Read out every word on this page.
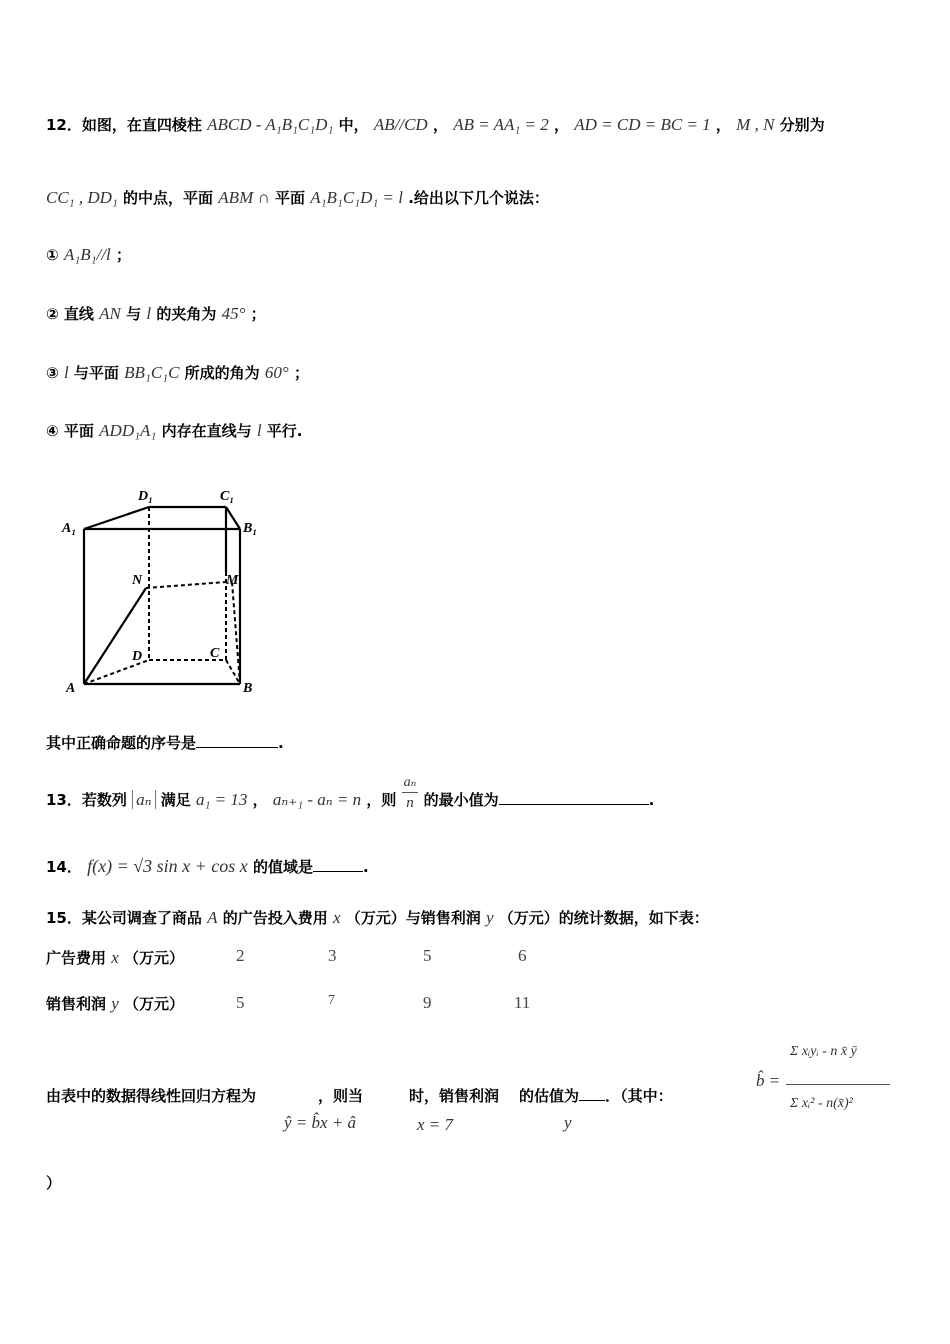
12．如图，在直四棱柱 ABCD - A₁B₁C₁D₁ 中， AB//CD ， AB = AA₁ = 2 ， AD = CD = BC = 1 ， M , N 分别为
CC₁ , DD₁ 的中点，平面 ABM ∩ 平面 A₁B₁C₁D₁ = l .给出以下几个说法：
① A₁B₁//l ；
② 直线 AN 与 l 的夹角为 45° ；
③ l 与平面 BB₁C₁C 所成的角为 60° ；
④ 平面 ADD₁A₁ 内存在直线与 l 平行.
A₁
D₁	C₁
B₁
N	M
D	C
A	B
其中正确命题的序号是	.
13．若数列 aₙ 满足 a₁ = 13 ， aₙ₊₁ - aₙ = n ，则 $\frac{\text{aₙ}}{n}$ 的最小值为	.
14． f(x) = √3 sin x + cos x 的值域是	.
15．某公司调查了商品 A 的广告投入费用 x （万元）与销售利润 y （万元）的统计数据，如下表：
广告费用 x （万元）	2	3	5	6
销售利润 y （万元）	5	7	9	11
由表中的数据得线性回归方程为	，则当	时，销售利润 的估值为 ．（其中：
ŷ = b̂x + â	x = 7	y
b̂ =
Σ xᵢyᵢ - n x̄ ȳ
Σ xᵢ² - n(x̄)²
）
